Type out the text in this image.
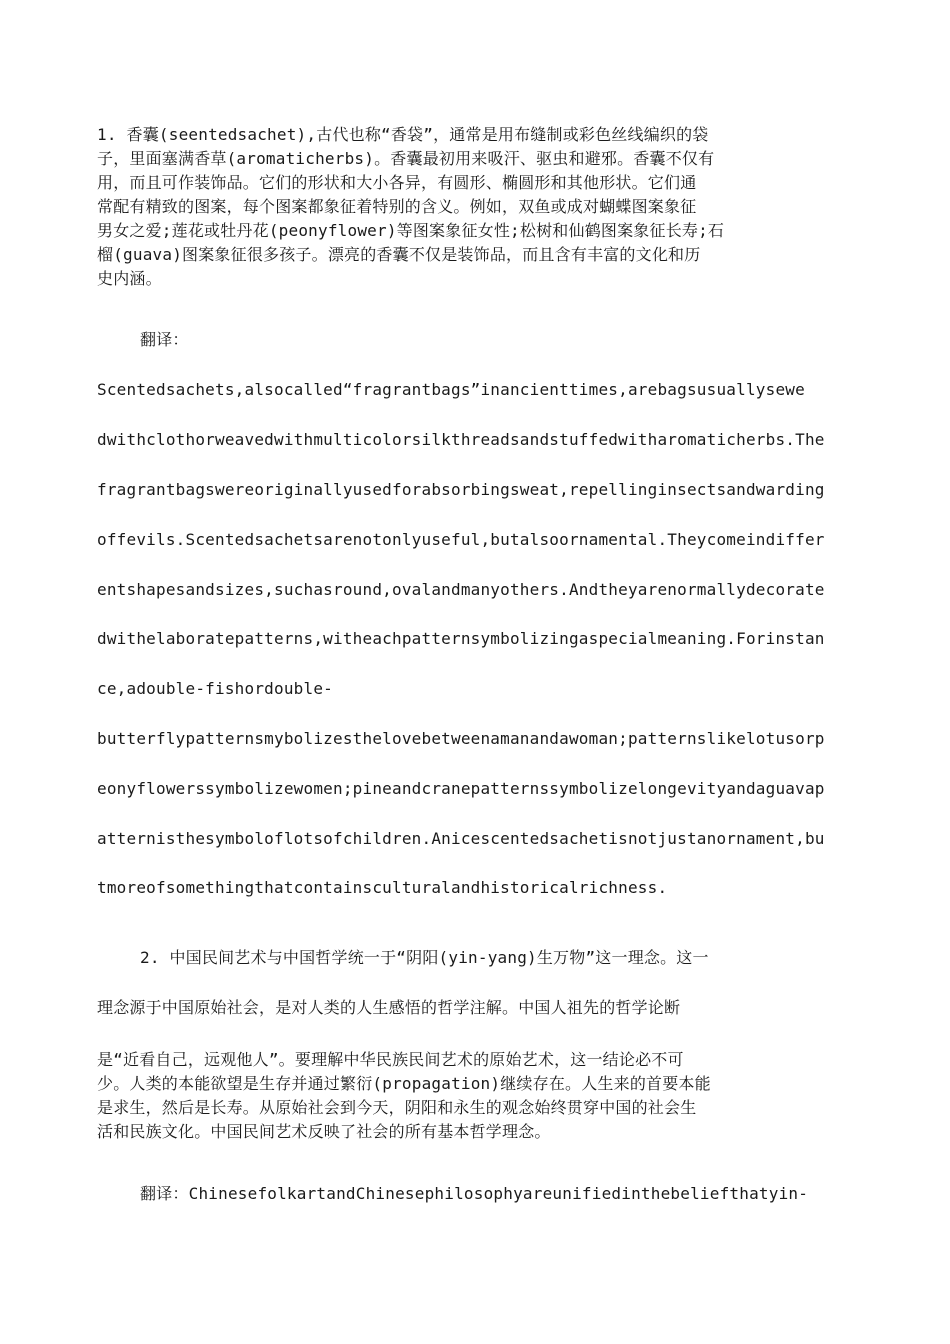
1. 香囊(seentedsachet),古代也称“香袋”，通常是用布缝制或彩色丝线编织的袋
子，里面塞满香草(aromaticherbs)。香囊最初用来吸汗、驱虫和避邪。香囊不仅有
用，而且可作装饰品。它们的形状和大小各异，有圆形、椭圆形和其他形状。它们通
常配有精致的图案，每个图案都象征着特别的含义。例如，双鱼或成对蝴蝶图案象征
男女之爱;莲花或牡丹花(peonyflower)等图案象征女性;松树和仙鹤图案象征长寿;石
榴(guava)图案象征很多孩子。漂亮的香囊不仅是装饰品，而且含有丰富的文化和历
史内涵。
翻译：
Scentedsachets,alsocalled“fragrantbags”inancienttimes,arebagsusuallysewe
dwithclothorweavedwithmulticolorsilkthreadsandstuffedwitharomaticherbs.The
fragrantbagswereoriginallyusedforabsorbingsweat,repellinginsectsandwarding
offevils.Scentedsachetsarenotonlyuseful,butalsoornamental.Theycomeindiffer
entshapesandsizes,suchasround,ovalandmanyothers.Andtheyarenormallydecorate
dwithelaboratepatterns,witheachpatternsymbolizingaspecialmeaning.Forinstan
ce,adouble-fishordouble-
butterflypatternsmybolizesthelovebetweenamanandawoman;patternslikelotusorp
eonyflowerssymbolizewomen;pineandcranepatternssymbolizelongevityandaguavap
atternisthesymboloflotsofchildren.Anicescentedsachetisnotjustanornament,bu
tmoreofsomethingthatcontainsculturalandhistoricalrichness.
2. 中国民间艺术与中国哲学统一于“阴阳(yin-yang)生万物”这一理念。这一
理念源于中国原始社会，是对人类的人生感悟的哲学注解。中国人祖先的哲学论断
是“近看自己，远观他人”。要理解中华民族民间艺术的原始艺术，这一结论必不可
少。人类的本能欲望是生存并通过繁衍(propagation)继续存在。人生来的首要本能
是求生，然后是长寿。从原始社会到今天，阴阳和永生的观念始终贯穿中国的社会生
活和民族文化。中国民间艺术反映了社会的所有基本哲学理念。
翻译：ChinesefolkartandChinesephilosophyareunifiedinthebeliefthatyin-
